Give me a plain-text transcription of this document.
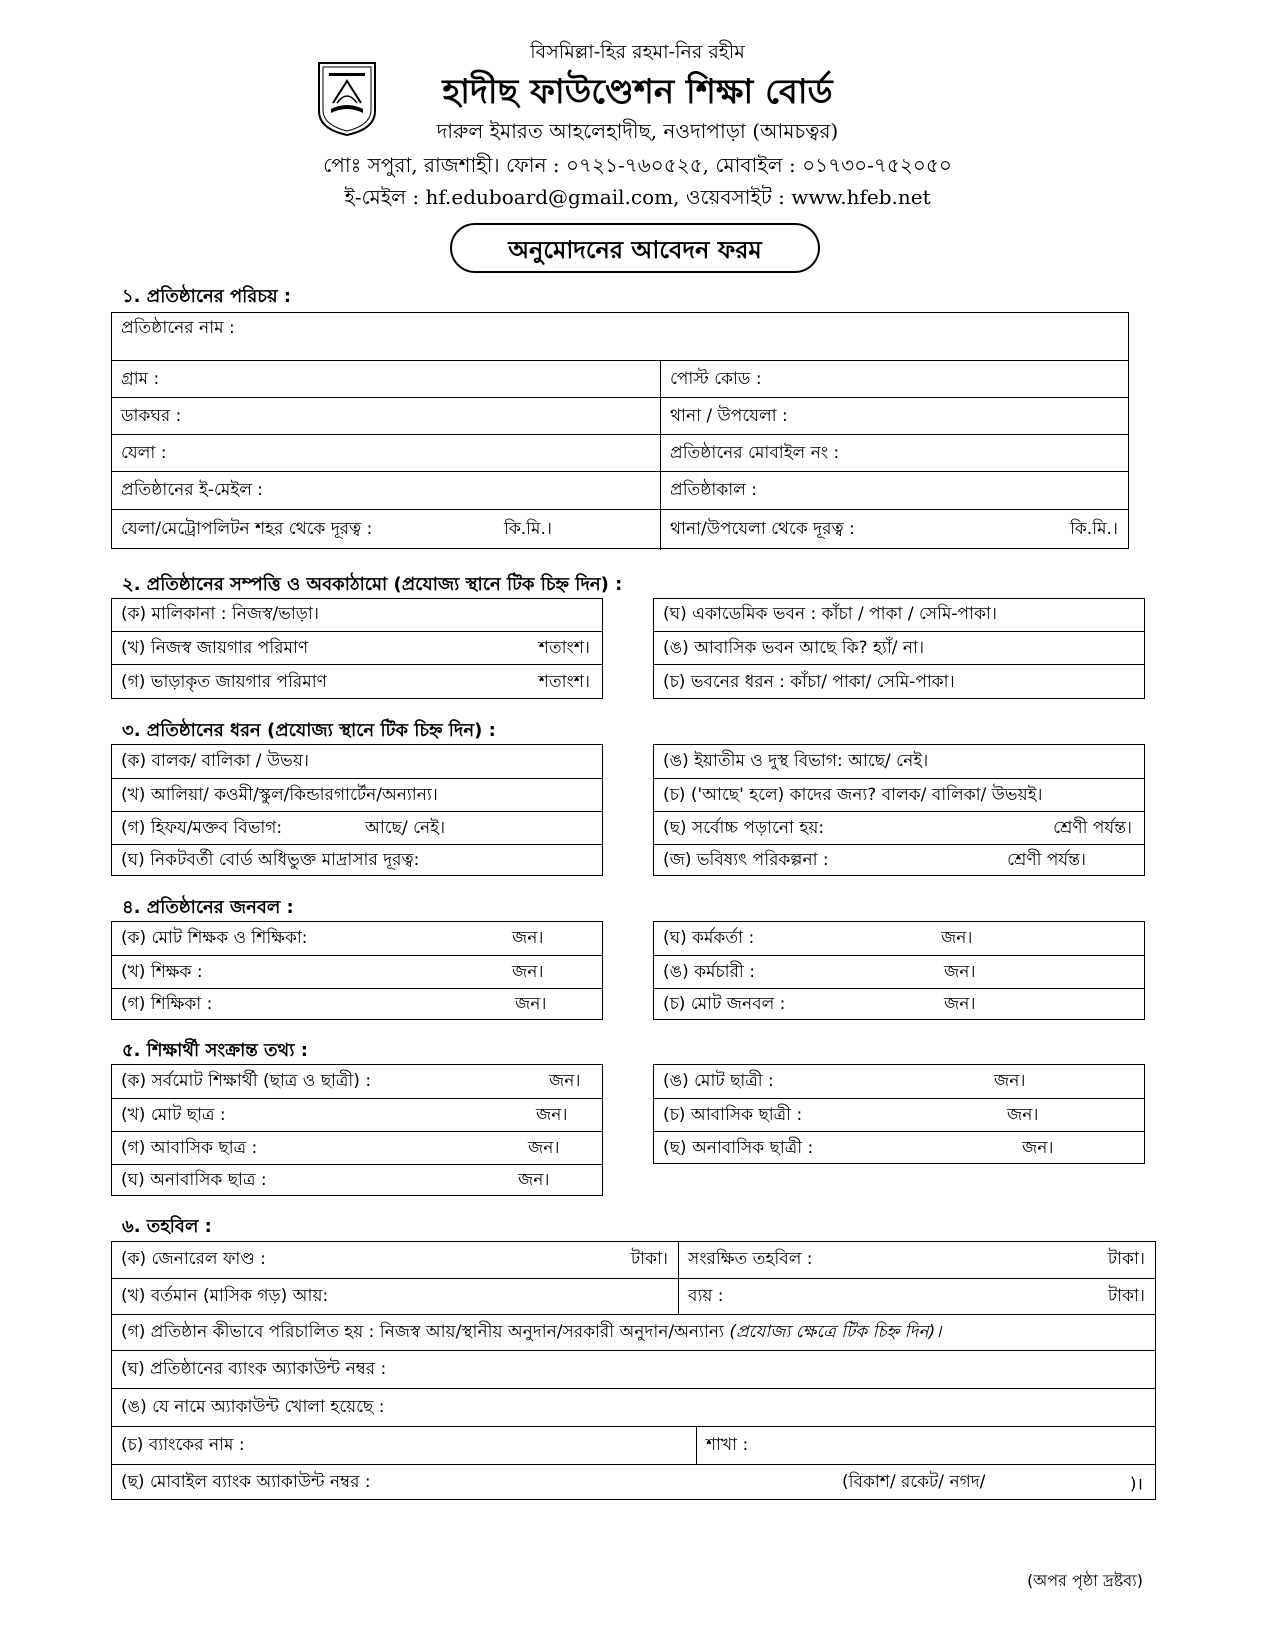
বিসমিল্লা-হির রহমা-নির রহীম
হাদীছ ফাউণ্ডেশন শিক্ষা বোর্ড
দারুল ইমারত আহলেহাদীছ, নওদাপাড়া (আমচত্বর)
পোঃ সপুরা, রাজশাহী। ফোন : ০৭২১-৭৬০৫২৫, মোবাইল : ০১৭৩০-৭৫২০৫০
ই-মেইল : hf.eduboard@gmail.com, ওয়েবসাইট : www.hfeb.net
অনুমোদনের আবেদন ফরম
১. প্রতিষ্ঠানের পরিচয় :
প্রতিষ্ঠানের নাম :
গ্রাম :	পোস্ট কোড :
ডাকঘর :	থানা / উপযেলা :
যেলা :	প্রতিষ্ঠানের মোবাইল নং :
প্রতিষ্ঠানের ই-মেইল :	প্রতিষ্ঠাকাল :
যেলা/মেট্রোপলিটন শহর থেকে দূরত্ব :	কি.মি.।	থানা/উপযেলা থেকে দূরত্ব :	কি.মি.।
২. প্রতিষ্ঠানের সম্পত্তি ও অবকাঠামো (প্রযোজ্য স্থানে টিক চিহ্ন দিন) :
(ক) মালিকানা : নিজস্ব/ভাড়া।
(খ) নিজস্ব জায়গার পরিমাণ	শতাংশ।
(গ) ভাড়াকৃত জায়গার পরিমাণ	শতাংশ।
(ঘ) একাডেমিক ভবন : কাঁচা / পাকা / সেমি-পাকা।
(ঙ) আবাসিক ভবন আছে কি? হ্যাঁ/ না।
(চ) ভবনের ধরন : কাঁচা/ পাকা/ সেমি-পাকা।
৩. প্রতিষ্ঠানের ধরন (প্রযোজ্য স্থানে টিক চিহ্ন দিন) :
(ক) বালক/ বালিকা / উভয়।
(খ) আলিয়া/ কওমী/স্কুল/কিন্ডারগার্টেন/অন্যান্য।
(গ) হিফয/মক্তব বিভাগ:	আছে/ নেই।
(ঘ) নিকটবর্তী বোর্ড অধিভুক্ত মাদ্রাসার দূরত্ব:
(ঙ) ইয়াতীম ও দুস্থ বিভাগ: আছে/ নেই।
(চ) ('আছে' হলে) কাদের জন্য? বালক/ বালিকা/ উভয়ই।
(ছ) সর্বোচ্চ পড়ানো হয়:	শ্রেণী পর্যন্ত।
(জ) ভবিষ্যৎ পরিকল্পনা :	শ্রেণী পর্যন্ত।
৪. প্রতিষ্ঠানের জনবল :
(ক) মোট শিক্ষক ও শিক্ষিকা:	জন।
(খ) শিক্ষক :	জন।
(গ) শিক্ষিকা :	জন।
(ঘ) কর্মকর্তা :	জন।
(ঙ) কর্মচারী :	জন।
(চ) মোট জনবল :	জন।
৫. শিক্ষার্থী সংক্রান্ত তথ্য :
(ক) সর্বমোট শিক্ষার্থী (ছাত্র ও ছাত্রী) :	জন।
(খ) মোট ছাত্র :	জন।
(গ) আবাসিক ছাত্র :	জন।
(ঘ) অনাবাসিক ছাত্র :	জন।
(ঙ) মোট ছাত্রী :	জন।
(চ) আবাসিক ছাত্রী :	জন।
(ছ) অনাবাসিক ছাত্রী :	জন।
৬. তহবিল :
(ক) জেনারেল ফাণ্ড :	টাকা। সংরক্ষিত তহবিল :	টাকা।
(খ) বর্তমান (মাসিক গড়) আয়:	ব্যয় :	টাকা।
(গ) প্রতিষ্ঠান কীভাবে পরিচালিত হয় : নিজস্ব আয়/স্থানীয় অনুদান/সরকারী অনুদান/অন্যান্য (প্রযোজ্য ক্ষেত্রে টিক চিহ্ন দিন)।
(ঘ) প্রতিষ্ঠানের ব্যাংক অ্যাকাউন্ট নম্বর :
(ঙ) যে নামে অ্যাকাউন্ট খোলা হয়েছে :
(চ) ব্যাংকের নাম :	শাখা :
(ছ) মোবাইল ব্যাংক অ্যাকাউন্ট নম্বর :	(বিকাশ/ রকেট/ নগদ/	)।
(অপর পৃষ্ঠা দ্রষ্টব্য)
